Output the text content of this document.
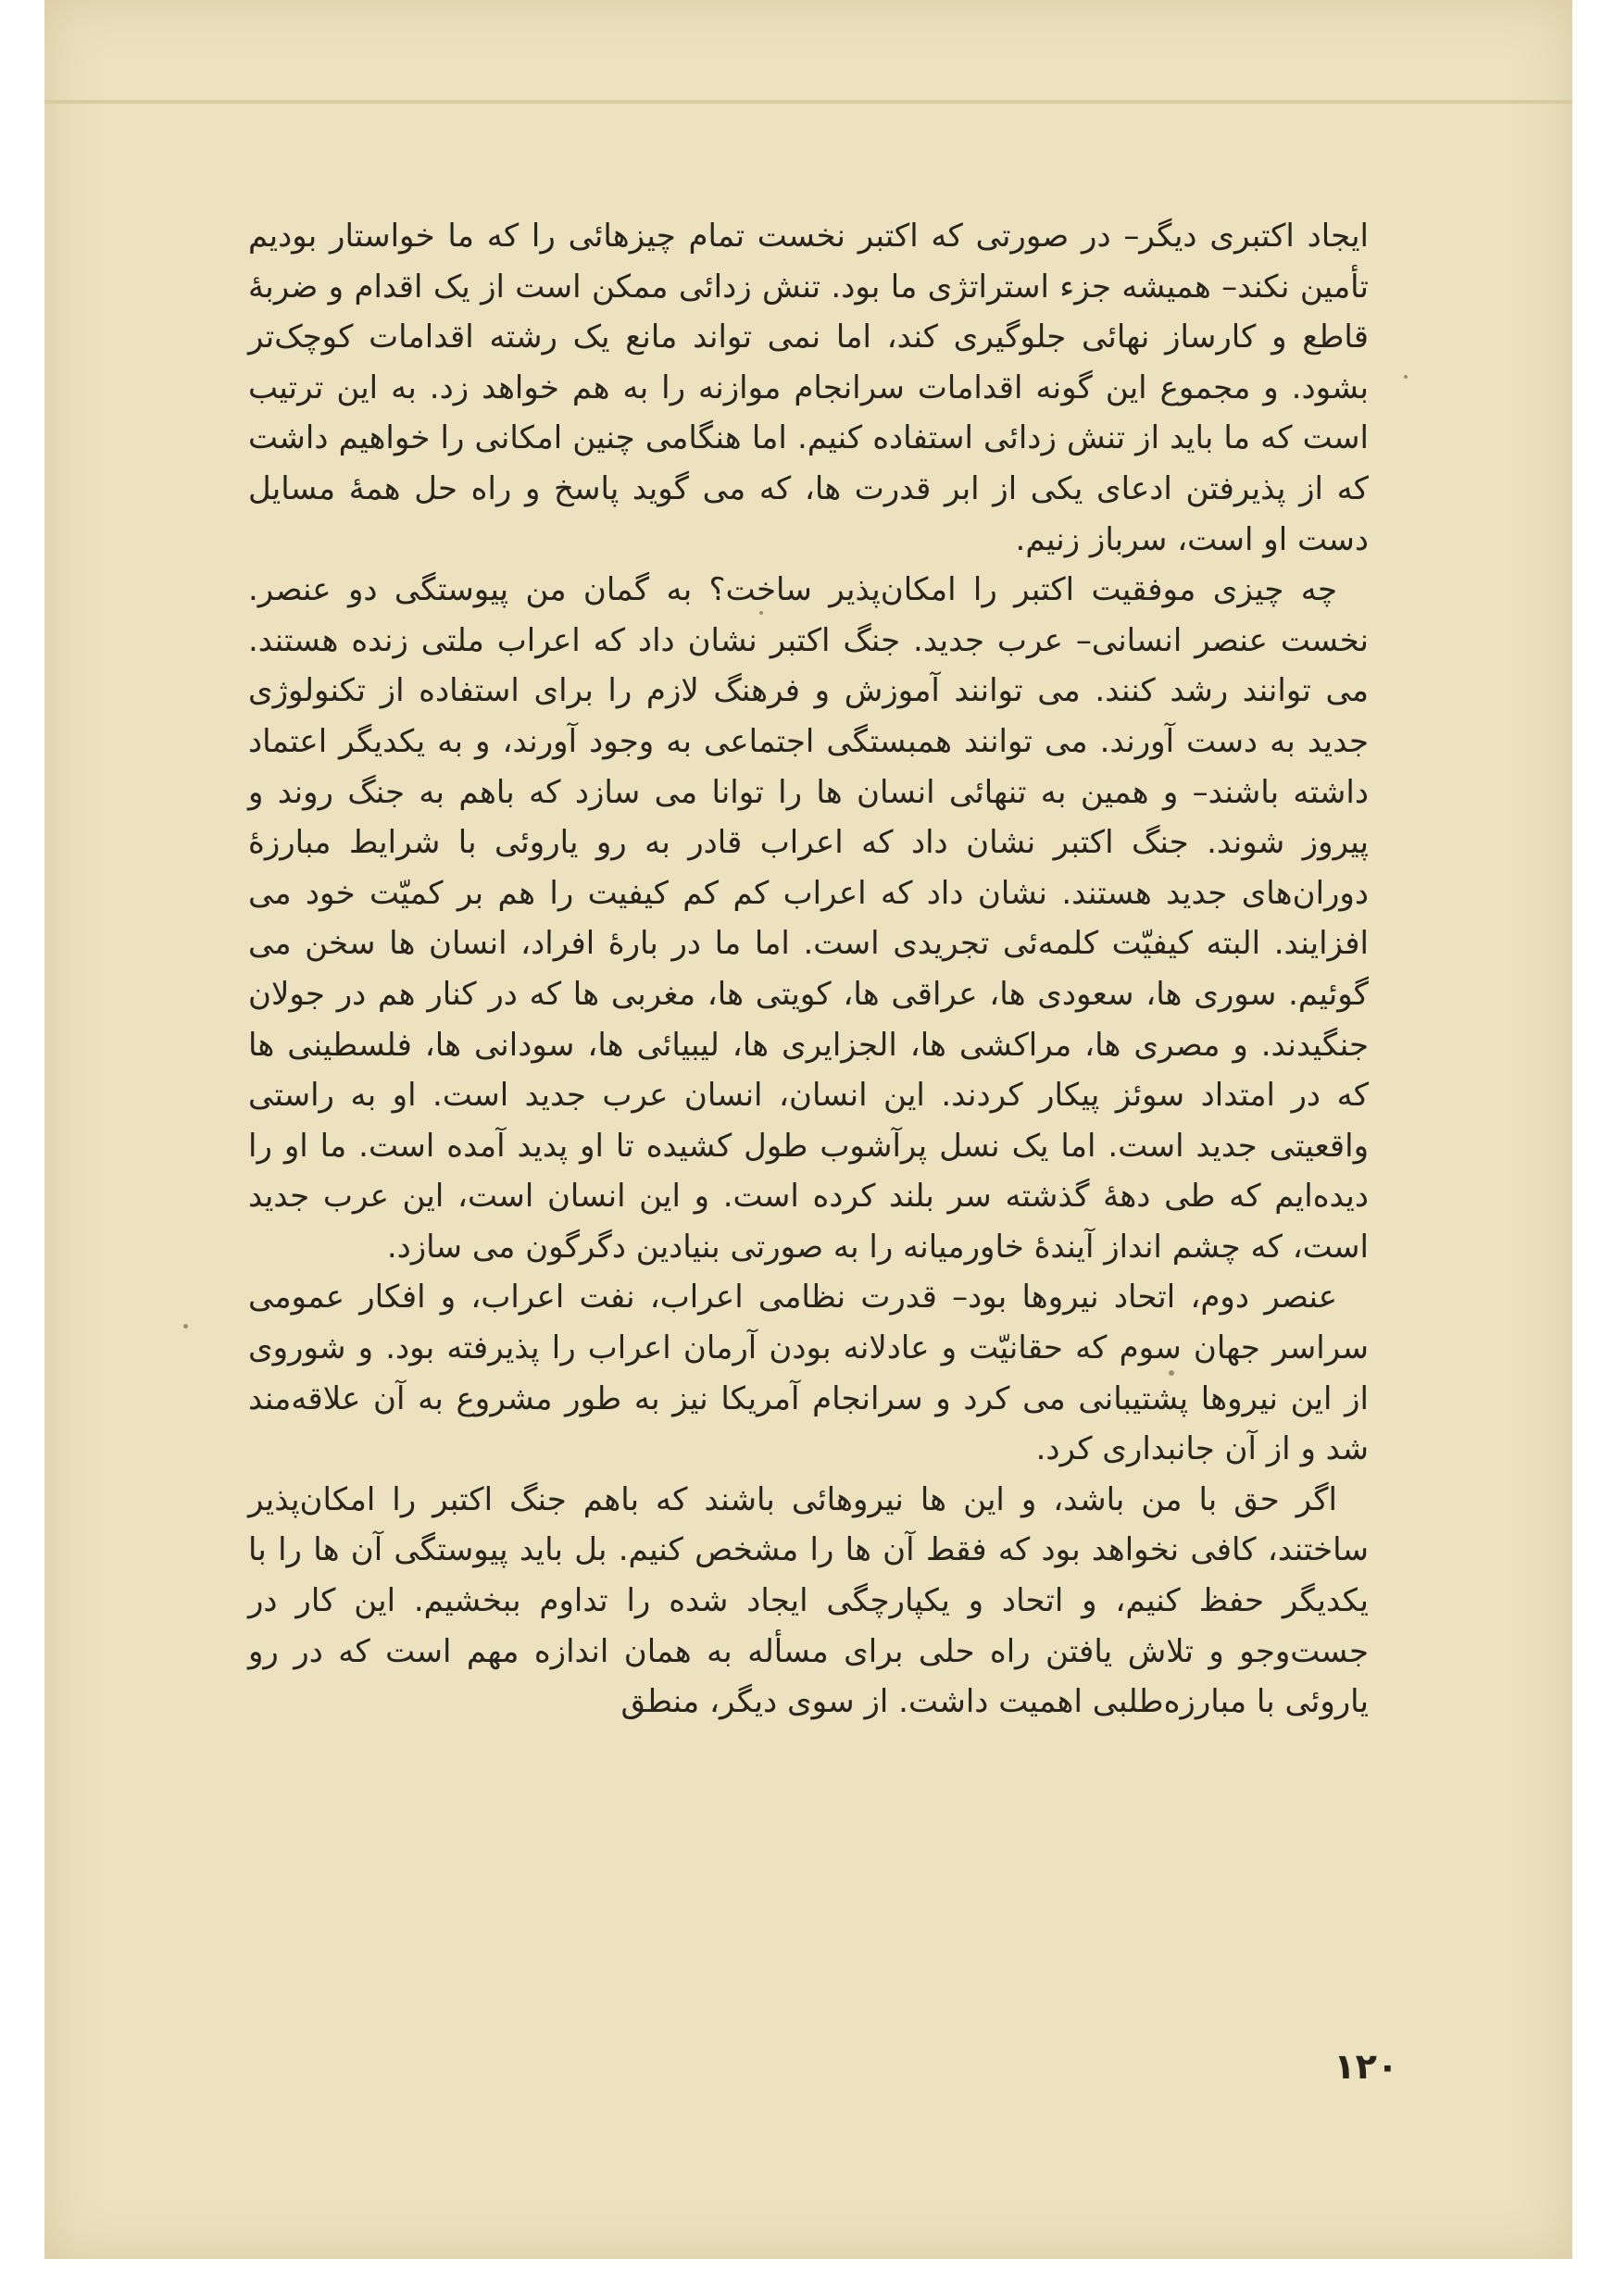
ایجاد اکتبری دیگر– در صورتی که اکتبر نخست تمام چیزهائی را که ما خواستار بودیم تأمین نکند– همیشه جزء استراتژی ما بود. تنش زدائی ممکن است از یک اقدام و ضربهٔ قاطع و کارساز نهائی جلوگیری کند، اما نمی تواند مانع یک رشته اقدامات کوچک‌تر بشود. و مجموع این گونه اقدامات سرانجام موازنه را به هم خواهد زد. به این ترتیب است که ما باید از تنش زدائی استفاده کنیم. اما هنگامی چنین امکانی را خواهیم داشت که از پذیرفتن ادعای یکی از ابر قدرت ها، که می گوید پاسخ و راه حل همهٔ مسایل دست او است، سرباز زنیم.

چه چیزی موفقیت اکتبر را امکان‌پذیر ساخت؟ به گمان من پیوستگی دو عنصر. نخست عنصر انسانی– عرب جدید. جنگ اکتبر نشان داد که اعراب ملتی زنده هستند. می توانند رشد کنند. می توانند آموزش و فرهنگ لازم را برای استفاده از تکنولوژی جدید به دست آورند. می توانند همبستگی اجتماعی به وجود آورند، و به یکدیگر اعتماد داشته باشند– و همین به تنهائی انسان ها را توانا می سازد که باهم به جنگ روند و پیروز شوند. جنگ اکتبر نشان داد که اعراب قادر به رو یاروئی با شرایط مبارزهٔ دوران‌های جدید هستند. نشان داد که اعراب کم کم کیفیت را هم بر کمیّت خود می افزایند. البته کیفیّت کلمه‌ئی تجریدی است. اما ما در بارهٔ افراد، انسان ها سخن می گوئیم. سوری ها، سعودی ها، عراقی ها، کویتی ها، مغربی ها که در کنار هم در جولان جنگیدند. و مصری ها، مراکشی ها، الجزایری ها، لیبیائی ها، سودانی ها، فلسطینی ها که در امتداد سوئز پیکار کردند. این انسان، انسان عرب جدید است. او به راستی واقعیتی جدید است. اما یک نسل پرآشوب طول کشیده تا او پدید آمده است. ما او را دیده‌ایم که طی دههٔ گذشته سر بلند کرده است. و این انسان است، این عرب جدید است، که چشم انداز آیندهٔ خاورمیانه را به صورتی بنیادین دگرگون می سازد.

عنصر دوم، اتحاد نیروها بود– قدرت نظامی اعراب، نفت اعراب، و افکار عمومی سراسر جهان سوم که حقانیّت و عادلانه بودن آرمان اعراب را پذیرفته بود. و شوروی از این نیروها پشتیبانی می کرد و سرانجام آمریکا نیز به طور مشروع به آن علاقه‌مند شد و از آن جانبداری کرد.

اگر حق با من باشد، و این ها نیروهائی باشند که باهم جنگ اکتبر را امکان‌پذیر ساختند، کافی نخواهد بود که فقط آن ها را مشخص کنیم. بل باید پیوستگی آن ها را با یکدیگر حفظ کنیم، و اتحاد و یکپارچگی ایجاد شده را تداوم ببخشیم. این کار در جست‌وجو و تلاش یافتن راه حلی برای مسأله به همان اندازه مهم است که در رو یاروئی با مبارزه‌طلبی اهمیت داشت. از سوی دیگر، منطق

۱۲۰
